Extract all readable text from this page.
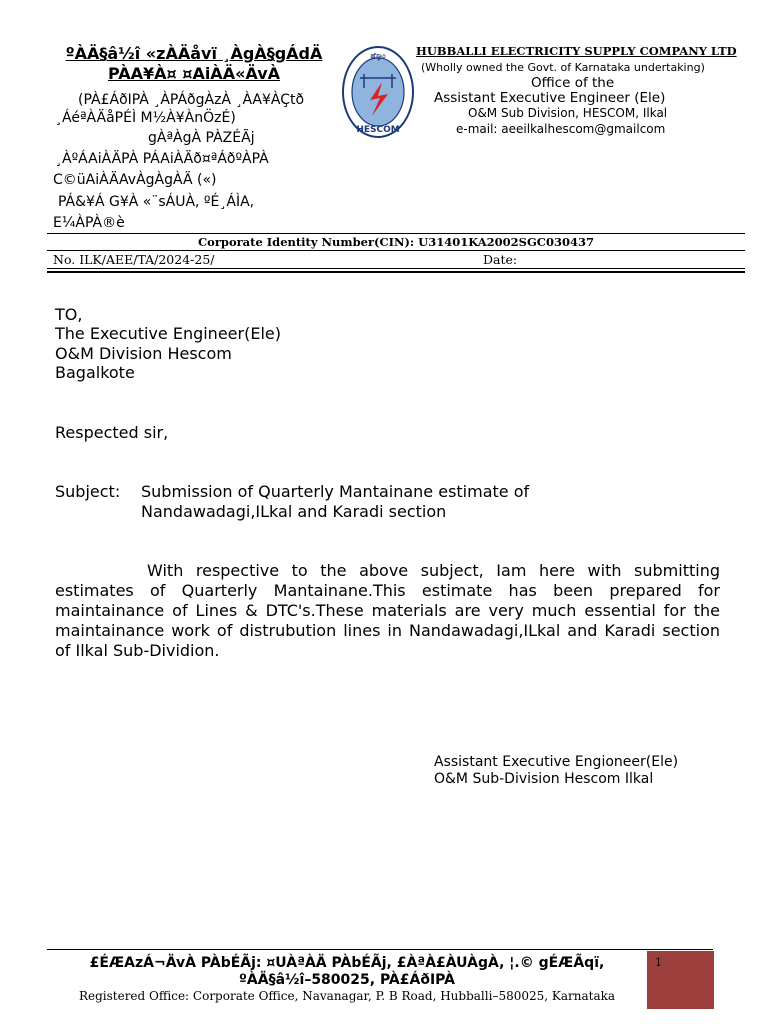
ºÀÄ§â½î «zÀÄåvï ¸ÀgÀ§gÁdÄ
PÀA¥À¤ ¤AiÀÄ«ÄvÀ
(PÀ£ÁðIPÀ ¸ÀPÁðgÀzÀ ¸ÀA¥ÀÇtð
¸ÁéªÀÄåPÉÌ M½À¥ÀnÖzÉ)
gÀªÀgÀ PÀZÉÃj
¸ÀºÁAiÀÄPÀ PÁAiÀÄð¤ªÁðºÀPÀ
C©üAiÀÄAvÀgÀgÀÄ («)
PÁ&¥Á G¥À «¨sÁUÀ, ºÉ¸ÁÌA,
E¼ÀPÀ®è
ಹೆಸ್ಕಾಂ
HESCOM
HUBBALLI ELECTRICITY SUPPLY COMPANY LTD
(Wholly owned the Govt. of Karnataka undertaking)
Office of the
Assistant Executive Engineer (Ele)
O&M Sub Division, HESCOM, Ilkal
e-mail: aeeilkalhescom@gmailcom
Corporate Identity Number(CIN): U31401KA2002SGC030437
No. ILK/AEE/TA/2024-25/	Date:
TO,
The Executive Engineer(Ele)
O&M Division Hescom
Bagalkote
Respected sir,
Subject: Submission of Quarterly Mantainane estimate of
Nandawadagi,ILkal and Karadi section
With respective to the above subject, Iam here with submitting estimates of Quarterly Mantainane.This estimate has been prepared for maintainance of Lines & DTC's.These materials are very much essential for the maintainance work of distrubution lines in Nandawadagi,ILkal and Karadi section of Ilkal Sub-Dividion.
Assistant Executive Engioneer(Ele)
O&M Sub-Division Hescom Ilkal
£ÉÆAzÁ¬ÄvÀ PÀbÉÃj: ¤UÀªÀÄ PÀbÉÃj, £ÀªÀ£ÀUÀgÀ, ¦.© gÉÆÃqï,
ºÀÄ§â½î–580025, PÀ£ÁðIPÀ
Registered Office: Corporate Office, Navanagar, P. B Road, Hubballi–580025, Karnataka
1
